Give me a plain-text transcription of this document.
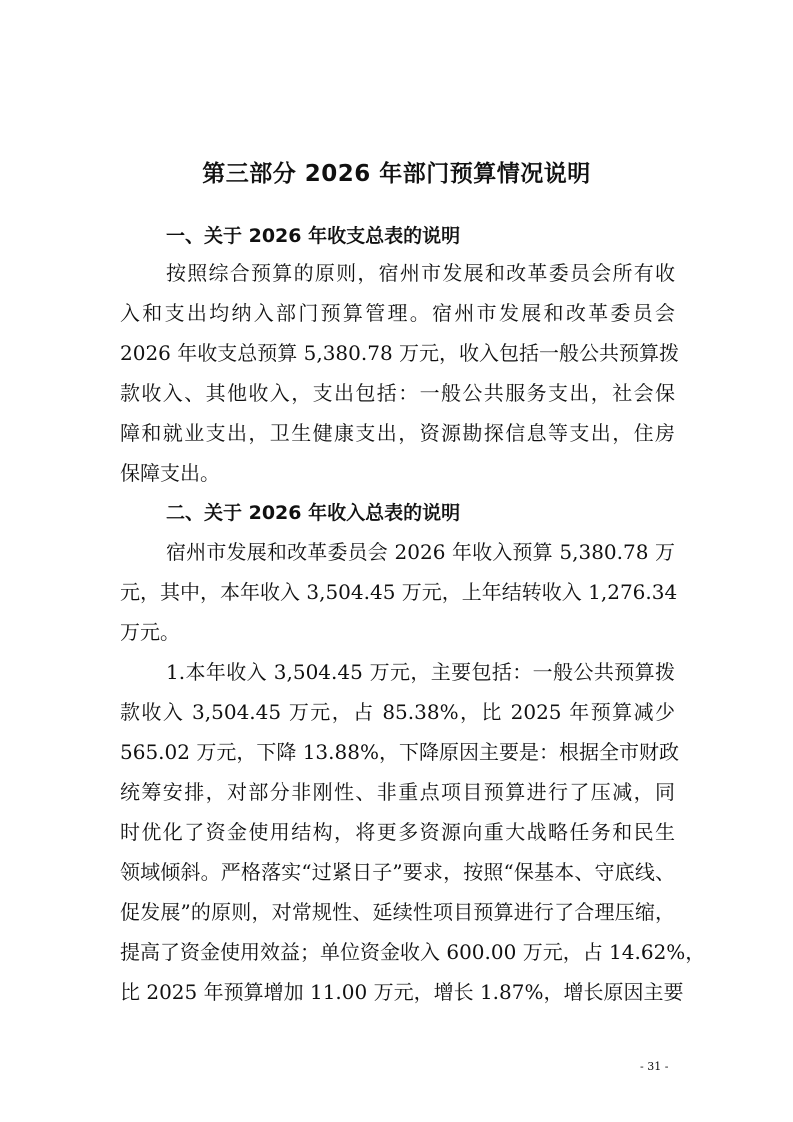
第三部分 2026 年部门预算情况说明
一、关于 2026 年收支总表的说明
按照综合预算的原则，宿州市发展和改革委员会所有收
入和支出均纳入部门预算管理。宿州市发展和改革委员会
2026 年收支总预算 5,380.78 万元，收入包括一般公共预算拨
款收入、其他收入，支出包括：一般公共服务支出，社会保
障和就业支出，卫生健康支出，资源勘探信息等支出，住房
保障支出。
二、关于 2026 年收入总表的说明
宿州市发展和改革委员会 2026 年收入预算 5,380.78 万
元，其中，本年收入 3,504.45 万元，上年结转收入 1,276.34
万元。
1.本年收入 3,504.45 万元，主要包括：一般公共预算拨
款收入 3,504.45 万元，占 85.38%，比 2025 年预算减少
565.02 万元，下降 13.88%，下降原因主要是：根据全市财政
统筹安排，对部分非刚性、非重点项目预算进行了压减，同
时优化了资金使用结构，将更多资源向重大战略任务和民生
领域倾斜。严格落实“过紧日子”要求，按照“保基本、守底线、
促发展”的原则，对常规性、延续性项目预算进行了合理压缩，
提高了资金使用效益；单位资金收入 600.00 万元，占 14.62%，
比 2025 年预算增加 11.00 万元，增长 1.87%，增长原因主要
- 31 -
